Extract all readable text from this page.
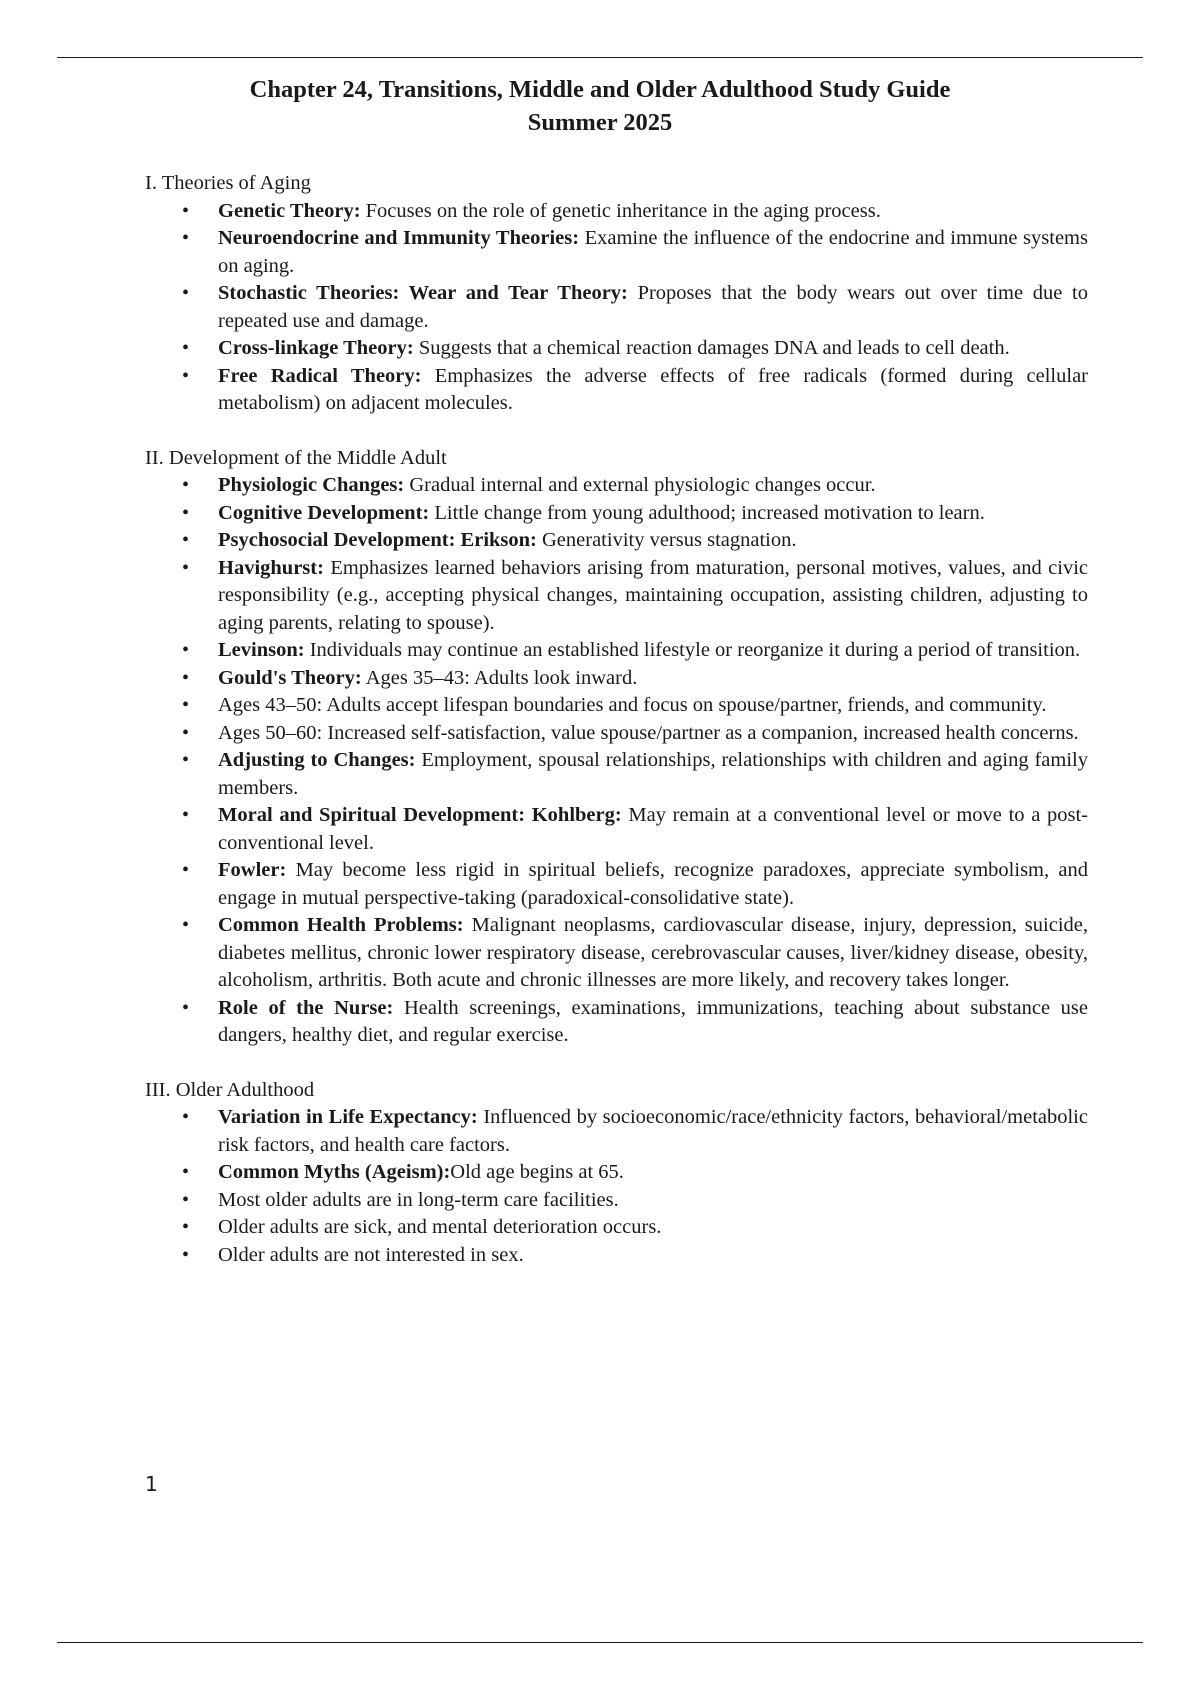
Chapter 24, Transitions, Middle and Older Adulthood Study Guide
Summer 2025
I. Theories of Aging
• Genetic Theory: Focuses on the role of genetic inheritance in the aging process.
• Neuroendocrine and Immunity Theories: Examine the influence of the endocrine and immune systems on aging.
• Stochastic Theories: Wear and Tear Theory: Proposes that the body wears out over time due to repeated use and damage.
• Cross-linkage Theory: Suggests that a chemical reaction damages DNA and leads to cell death.
• Free Radical Theory: Emphasizes the adverse effects of free radicals (formed during cellular metabolism) on adjacent molecules.
II. Development of the Middle Adult
• Physiologic Changes: Gradual internal and external physiologic changes occur.
• Cognitive Development: Little change from young adulthood; increased motivation to learn.
• Psychosocial Development: Erikson: Generativity versus stagnation.
• Havighurst: Emphasizes learned behaviors arising from maturation, personal motives, values, and civic responsibility (e.g., accepting physical changes, maintaining occupation, assisting children, adjusting to aging parents, relating to spouse).
• Levinson: Individuals may continue an established lifestyle or reorganize it during a period of transition.
• Gould's Theory: Ages 35–43: Adults look inward.
• Ages 43–50: Adults accept lifespan boundaries and focus on spouse/partner, friends, and community.
• Ages 50–60: Increased self-satisfaction, value spouse/partner as a companion, increased health concerns.
• Adjusting to Changes: Employment, spousal relationships, relationships with children and aging family members.
• Moral and Spiritual Development: Kohlberg: May remain at a conventional level or move to a post-conventional level.
• Fowler: May become less rigid in spiritual beliefs, recognize paradoxes, appreciate symbolism, and engage in mutual perspective-taking (paradoxical-consolidative state).
• Common Health Problems: Malignant neoplasms, cardiovascular disease, injury, depression, suicide, diabetes mellitus, chronic lower respiratory disease, cerebrovascular causes, liver/kidney disease, obesity, alcoholism, arthritis. Both acute and chronic illnesses are more likely, and recovery takes longer.
• Role of the Nurse: Health screenings, examinations, immunizations, teaching about substance use dangers, healthy diet, and regular exercise.
III. Older Adulthood
• Variation in Life Expectancy: Influenced by socioeconomic/race/ethnicity factors, behavioral/metabolic risk factors, and health care factors.
• Common Myths (Ageism):Old age begins at 65.
• Most older adults are in long-term care facilities.
• Older adults are sick, and mental deterioration occurs.
• Older adults are not interested in sex.
1
